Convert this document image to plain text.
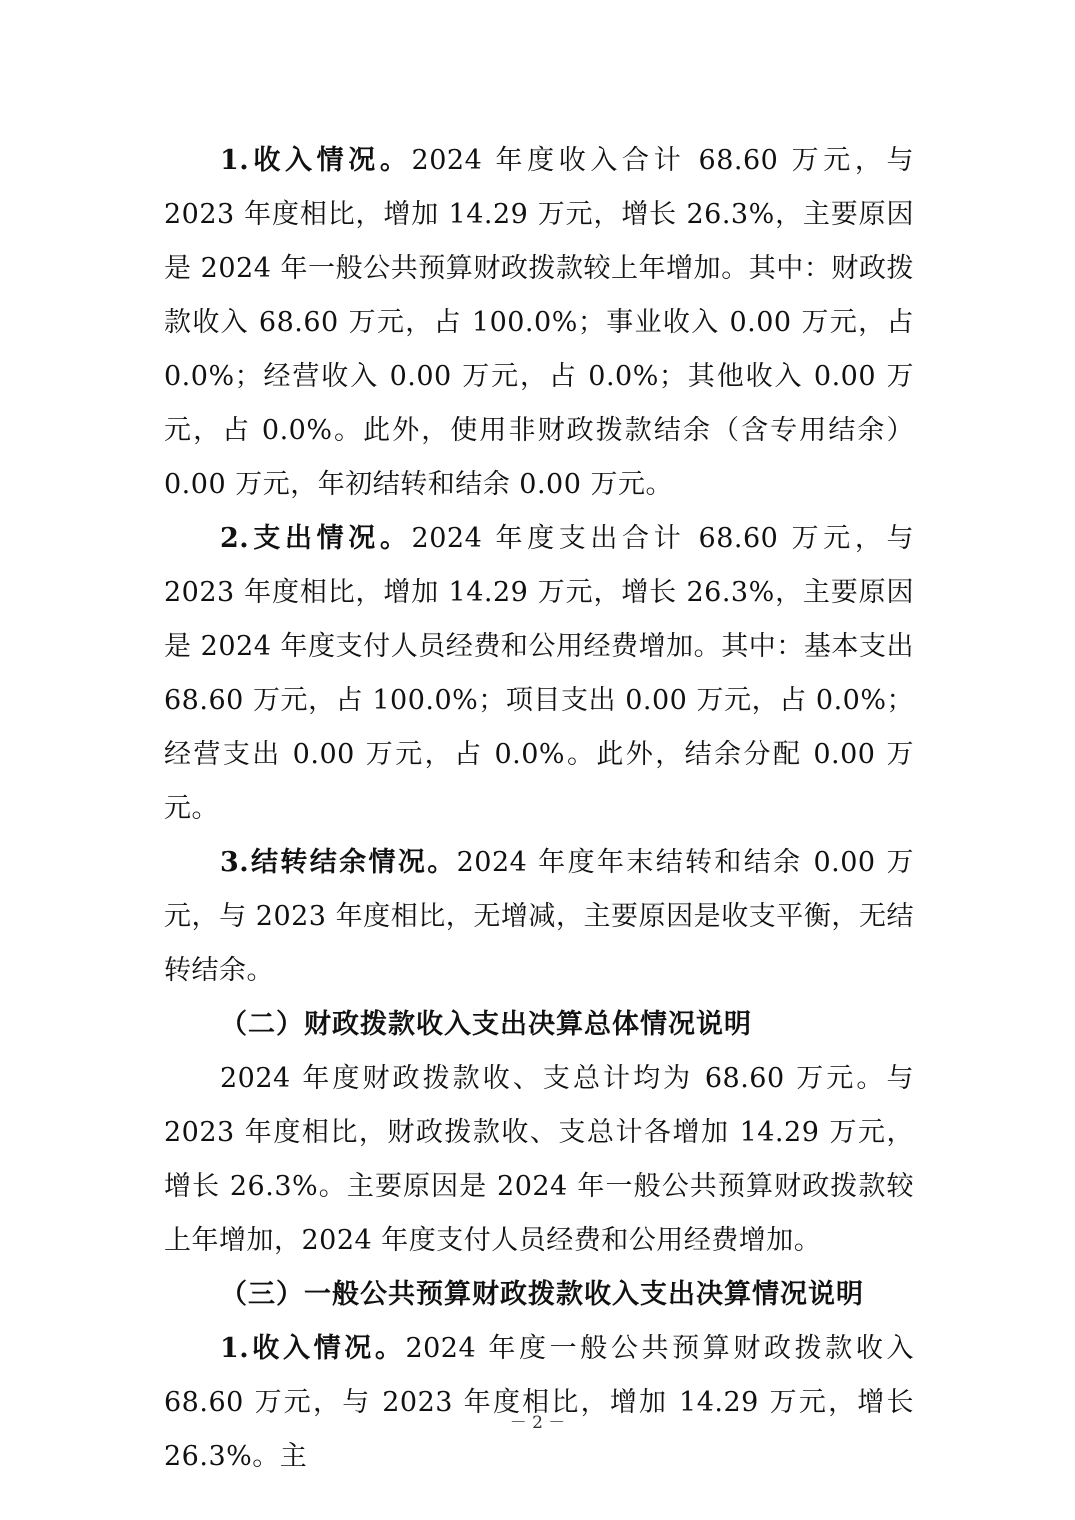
1.收入情况。2024 年度收入合计 68.60 万元，与 2023 年度相比，增加 14.29 万元，增长 26.3%，主要原因是 2024 年一般公共预算财政拨款较上年增加。其中：财政拨款收入 68.60 万元，占 100.0%；事业收入 0.00 万元，占 0.0%；经营收入 0.00 万元，占 0.0%；其他收入 0.00 万元，占 0.0%。此外，使用非财政拨款结余（含专用结余）0.00 万元，年初结转和结余 0.00 万元。

2.支出情况。2024 年度支出合计 68.60 万元，与 2023 年度相比，增加 14.29 万元，增长 26.3%，主要原因是 2024 年度支付人员经费和公用经费增加。其中：基本支出 68.60 万元，占 100.0%；项目支出 0.00 万元，占 0.0%；经营支出 0.00 万元，占 0.0%。此外，结余分配 0.00 万元。

3.结转结余情况。2024 年度年末结转和结余 0.00 万元，与 2023 年度相比，无增减，主要原因是收支平衡，无结转结余。

（二）财政拨款收入支出决算总体情况说明

2024 年度财政拨款收、支总计均为 68.60 万元。与 2023 年度相比，财政拨款收、支总计各增加 14.29 万元，增长 26.3%。主要原因是 2024 年一般公共预算财政拨款较上年增加，2024 年度支付人员经费和公用经费增加。

（三）一般公共预算财政拨款收入支出决算情况说明

1.收入情况。2024 年度一般公共预算财政拨款收入 68.60 万元，与 2023 年度相比，增加 14.29 万元，增长 26.3%。主

－ 2 －
